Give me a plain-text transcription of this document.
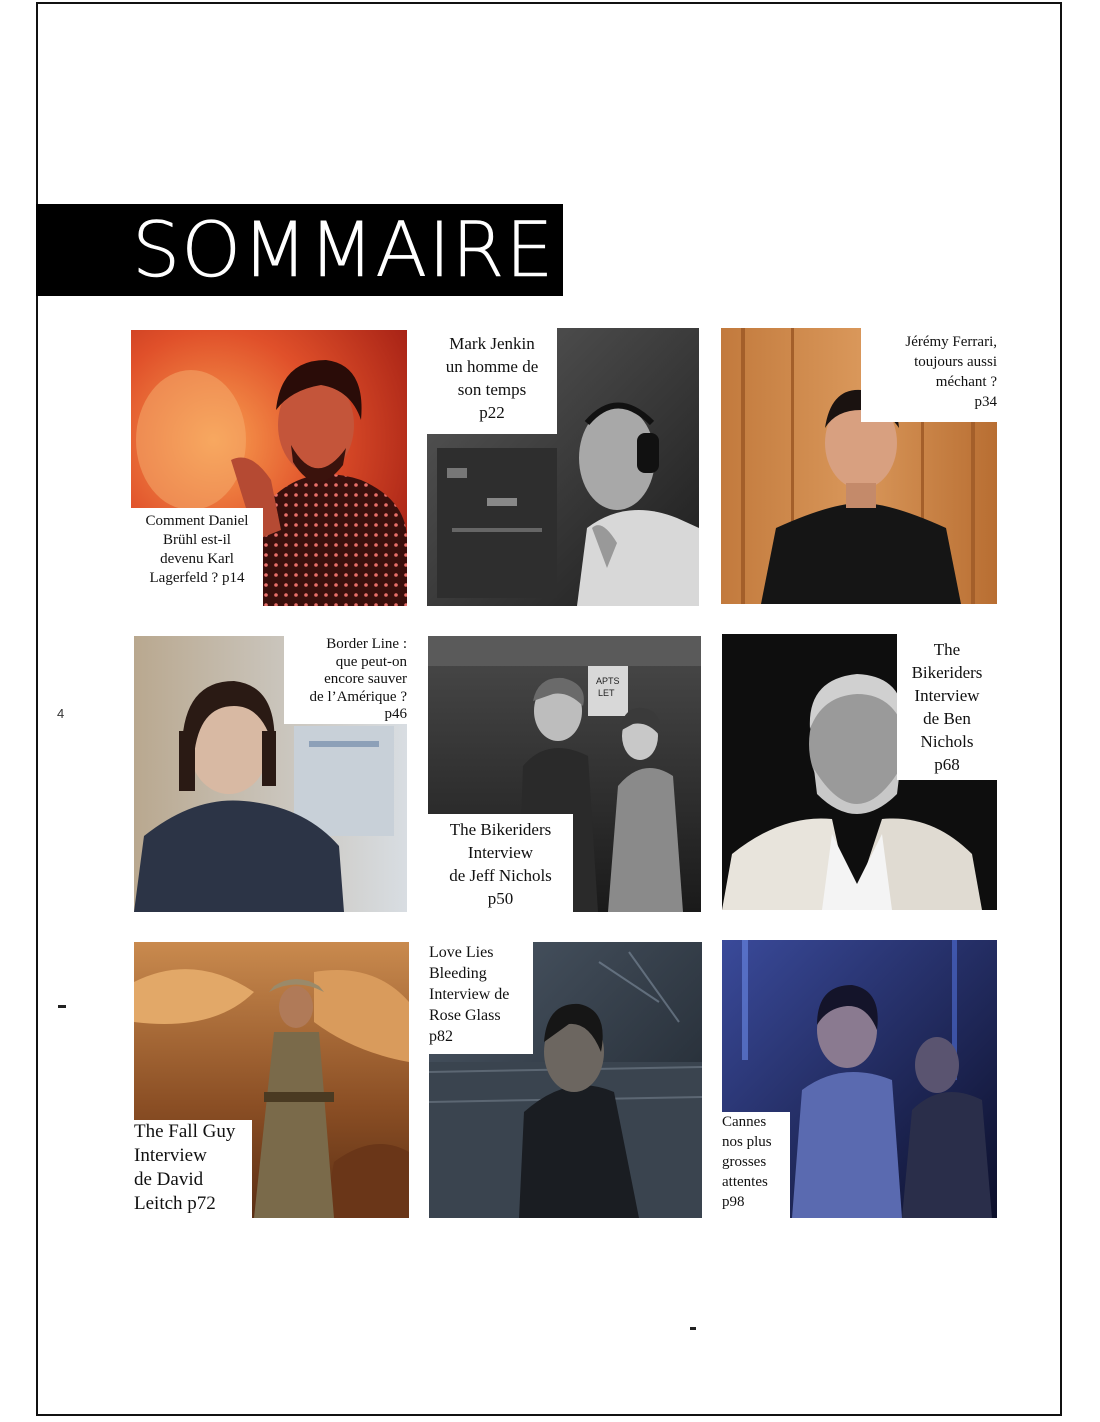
SOMMAIRE
4
Comment Daniel
Brühl est-il
devenu Karl
Lagerfeld ? p14
Mark Jenkin
un homme de
son temps
p22
Jérémy Ferrari,
toujours aussi
méchant ?
p34
Border Line :
que peut-on
encore sauver
de l’Amérique ?
p46
APTS
LET
The Bikeriders
Interview
de Jeff Nichols
p50
The
Bikeriders
Interview
de Ben
Nichols
p68
The Fall Guy
Interview
de David
Leitch p72
Love Lies
Bleeding
Interview de
Rose Glass
p82
Cannes
nos plus
grosses
attentes
p98
